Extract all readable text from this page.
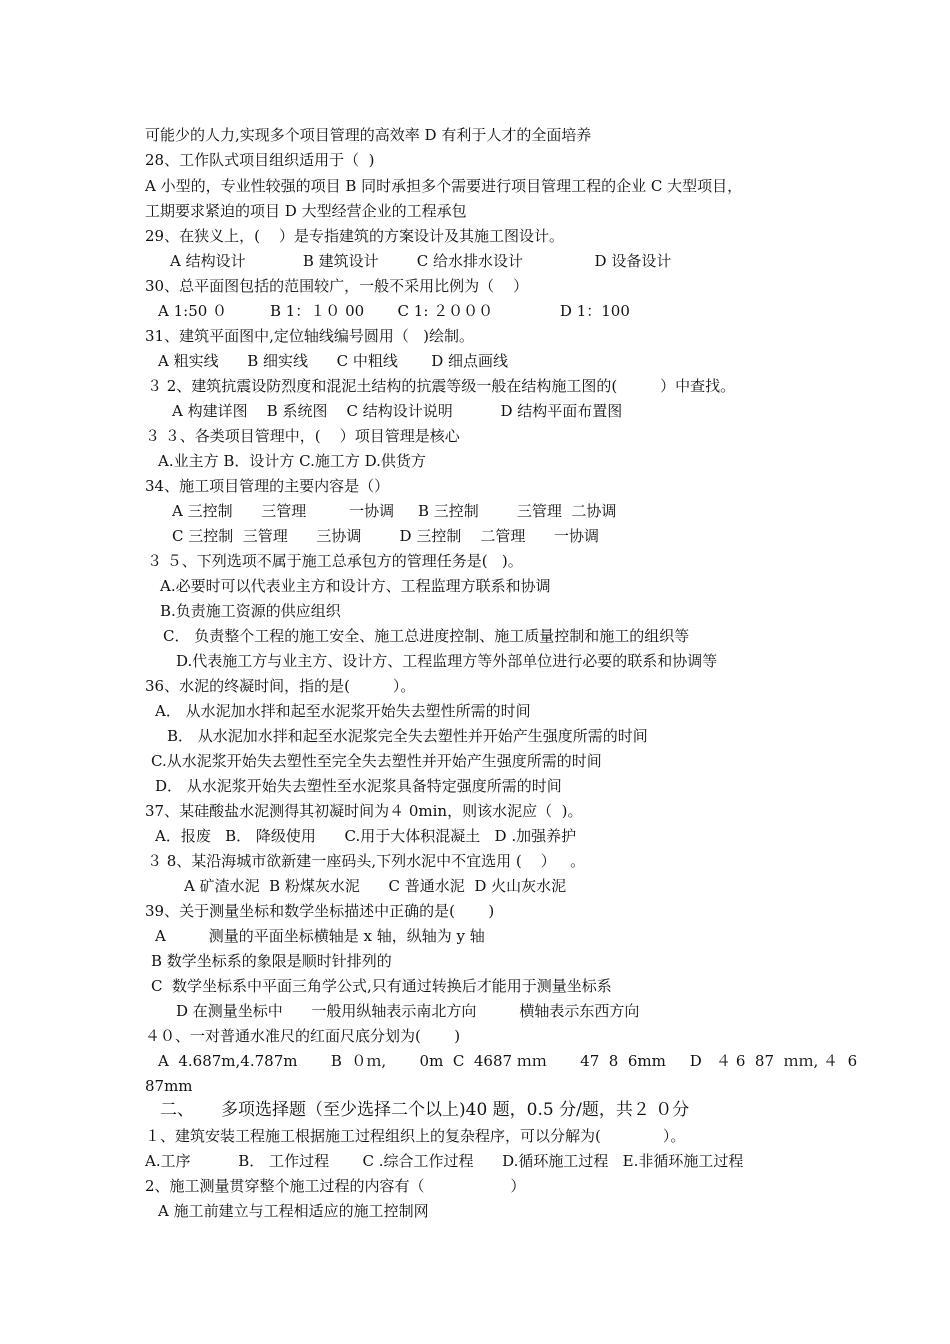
可能少的人力,实现多个项目管理的高效率 D 有利于人才的全面培养
28、工作队式项目组织适用于（  )
A 小型的，专业性较强的项目 B 同时承担多个需要进行项目管理工程的企业 C 大型项目，
工期要求紧迫的项目 D 大型经营企业的工程承包
29、在狭义上，(    ）是专指建筑的方案设计及其施工图设计。
A 结构设计            B 建筑设计        C 给水排水设计               D 设备设计
30、总平面图包括的范围较广，一般不采用比例为（    ）
A 1:50 ０         B 1：１０ 00       C 1: ２０００              D 1：100
31、建筑平面图中,定位轴线编号圆用（   )绘制。
A 粗实线      B 细实线      C 中粗线       D 细点画线
３ 2、建筑抗震设防烈度和混泥土结构的抗震等级一般在结构施工图的(         ）中查找。
A 构建详图    B 系统图    C 结构设计说明          D 结构平面布置图
３ ３、各类项目管理中，(    ）项目管理是核心
A.业主方 B．设计方 C.施工方 D.供货方
34、施工项目管理的主要内容是（）
A 三控制      三管理         一协调     B 三控制        三管理  二协调
C 三控制  三管理      三协调        D 三控制    二管理      一协调
３ ５、下列选项不属于施工总承包方的管理任务是(   )。
A.必要时可以代表业主方和设计方、工程监理方联系和协调
B.负责施工资源的供应组织
C． 负责整个工程的施工安全、施工总进度控制、施工质量控制和施工的组织等
D.代表施工方与业主方、设计方、工程监理方等外部单位进行必要的联系和协调等
36、水泥的终凝时间，指的是(         ）。
A． 从水泥加水拌和起至水泥浆开始失去塑性所需的时间
B． 从水泥加水拌和起至水泥浆完全失去塑性并开始产生强度所需的时间
C.从水泥浆开始失去塑性至完全失去塑性并开始产生强度所需的时间
D． 从水泥浆开始失去塑性至水泥浆具备特定强度所需的时间
37、某硅酸盐水泥测得其初凝时间为４ 0min，则该水泥应（  )。
A．报废   B． 降级使用      C.用于大体积混凝土   D .加强养护
３ 8、某沿海城市欲新建一座码头,下列水泥中不宜选用 (    ）   。
A 矿渣水泥  B 粉煤灰水泥      C 普通水泥  D 火山灰水泥
39、关于测量坐标和数学坐标描述中正确的是(       )
A         测量的平面坐标横轴是 x 轴，纵轴为 y 轴
B 数学坐标系的象限是顺时针排列的
C  数学坐标系中平面三角学公式,只有通过转换后才能用于测量坐标系
D 在测量坐标中      一般用纵轴表示南北方向         横轴表示东西方向
４０、一对普通水准尺的红面尺底分划为(       )
A  4.687m,4.787m       B  ０ｍ,       0m  C  4687 ｍｍ       47  8  6mm     D   ４ 6  87  ｍｍ, ４  6
87mm
二、     多项选择题（至少选择二个以上)40 题，0.5 分/题，共２ ０分
１、建筑安装工程施工根据施工过程组织上的复杂程序，可以分解为(             ）。
A.工序          B． 工作过程       C .综合工作过程      D.循环施工过程   E.非循环施工过程
2、施工测量贯穿整个施工过程的内容有（                  ）
A 施工前建立与工程相适应的施工控制网
